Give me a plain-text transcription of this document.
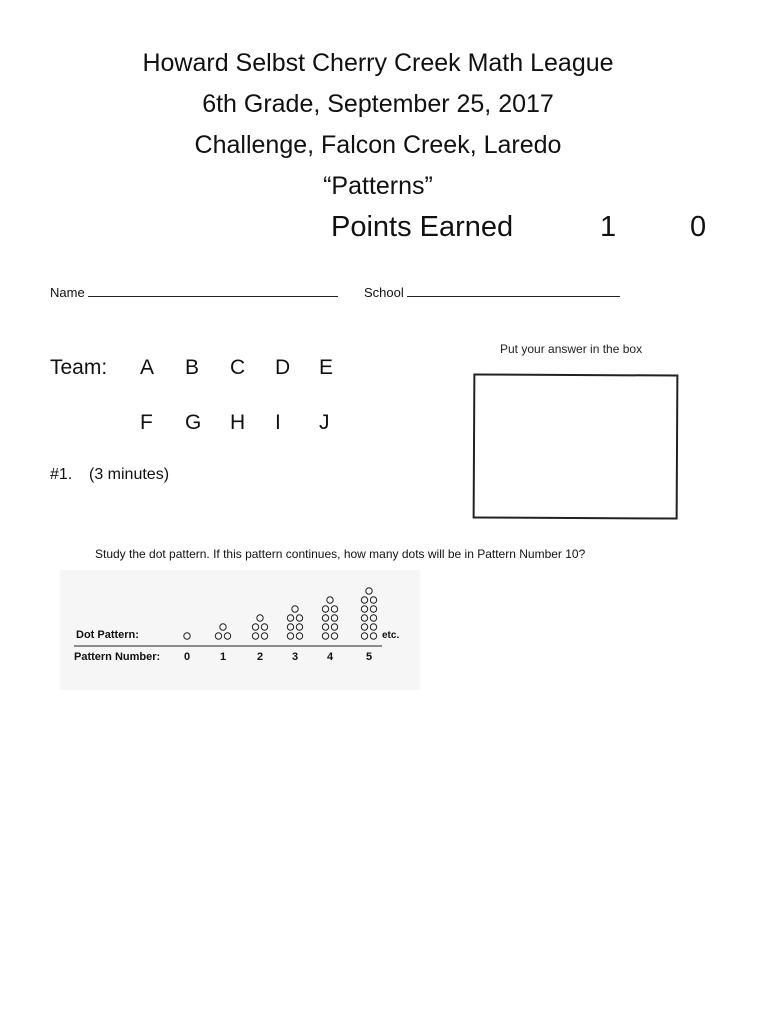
Howard Selbst Cherry Creek Math League
6th Grade, September 25, 2017
Challenge, Falcon Creek, Laredo
“Patterns”
Points Earned	1	0
Name	School
Team: A B C D E
F G H I J
Put your answer in the box
#1. (3 minutes)
Study the dot pattern. If this pattern continues, how many dots will be in Pattern Number 10?
Dot Pattern:
Pattern Number: 0	1	2	3	4	5
etc.
